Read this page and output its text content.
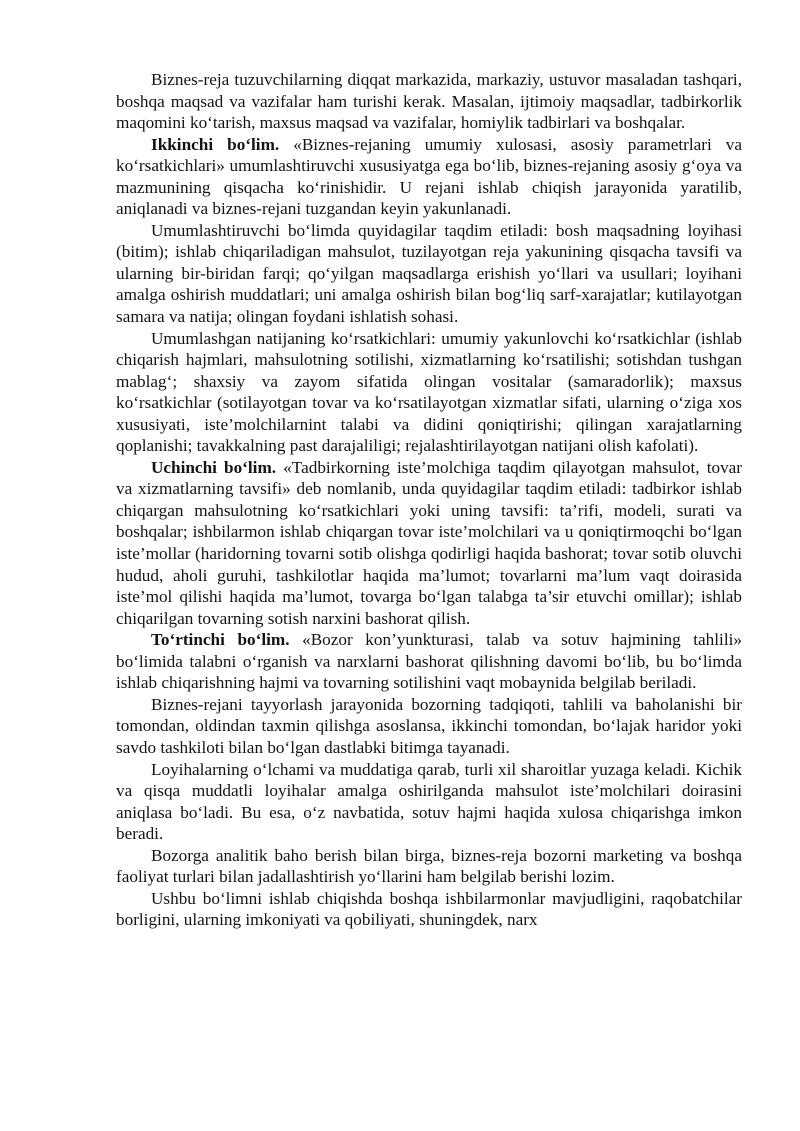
Biznes-reja tuzuvchilarning diqqat markazida, markaziy, ustuvor masaladan tashqari, boshqa maqsad va vazifalar ham turishi kerak. Masalan, ijtimoiy maqsadlar, tadbirkorlik maqomini ko‘tarish, maxsus maqsad va vazifalar, homiylik tadbirlari va boshqalar.

Ikkinchi bo‘lim. «Biznes-rejaning umumiy xulosasi, asosiy parametrlari va ko‘rsatkichlari» umumlashtiruvchi xususiyatga ega bo‘lib, biznes-rejaning asosiy g‘oya va mazmunining qisqacha ko‘rinishidir. U rejani ishlab chiqish jarayonida yaratilib, aniqlanadi va biznes-rejani tuzgandan keyin yakunlanadi.

Umumlashtiruvchi bo‘limda quyidagilar taqdim etiladi: bosh maqsadning loyihasi (bitim); ishlab chiqariladigan mahsulot, tuzilayotgan reja yakunining qisqacha tavsifi va ularning bir-biridan farqi; qo‘yilgan maqsadlarga erishish yo‘llari va usullari; loyihani amalga oshirish muddatlari; uni amalga oshirish bilan bog‘liq sarf-xarajatlar; kutilayotgan samara va natija; olingan foydani ishlatish sohasi.

Umumlashgan natijaning ko‘rsatkichlari: umumiy yakunlovchi ko‘rsatkichlar (ishlab chiqarish hajmlari, mahsulotning sotilishi, xizmatlarning ko‘rsatilishi; sotishdan tushgan mablag‘; shaxsiy va zayom sifatida olingan vositalar (samaradorlik); maxsus ko‘rsatkichlar (sotilayotgan tovar va ko‘rsatilayotgan xizmatlar sifati, ularning o‘ziga xos xususiyati, iste’molchilarnint talabi va didini qoniqtirishi; qilingan xarajatlarning qoplanishi; tavakkalning past darajaliligi; rejalashtirilayotgan natijani olish kafolati).

Uchinchi bo‘lim. «Tadbirkorning iste’molchiga taqdim qilayotgan mahsulot, tovar va xizmatlarning tavsifi» deb nomlanib, unda quyidagilar taqdim etiladi: tadbirkor ishlab chiqargan mahsulotning ko‘rsatkichlari yoki uning tavsifi: ta’rifi, modeli, surati va boshqalar; ishbilarmon ishlab chiqargan tovar iste’molchilari va u qoniqtirmoqchi bo‘lgan iste’mollar (haridorning tovarni sotib olishga qodirligi haqida bashorat; tovar sotib oluvchi hudud, aholi guruhi, tashkilotlar haqida ma’lumot; tovarlarni ma’lum vaqt doirasida iste’mol qilishi haqida ma’lumot, tovarga bo‘lgan talabga ta’sir etuvchi omillar); ishlab chiqarilgan tovarning sotish narxini bashorat qilish.

To‘rtinchi bo‘lim. «Bozor kon’yunkturasi, talab va sotuv hajmining tahlili» bo‘limida talabni o‘rganish va narxlarni bashorat qilishning davomi bo‘lib, bu bo‘limda ishlab chiqarishning hajmi va tovarning sotilishini vaqt mobaynida belgilab beriladi.

Biznes-rejani tayyorlash jarayonida bozorning tadqiqoti, tahlili va baholanishi bir tomondan, oldindan taxmin qilishga asoslansa, ikkinchi tomondan, bo‘lajak haridor yoki savdo tashkiloti bilan bo‘lgan dastlabki bitimga tayanadi.

Loyihalarning o‘lchami va muddatiga qarab, turli xil sharoitlar yuzaga keladi. Kichik va qisqa muddatli loyihalar amalga oshirilganda mahsulot iste’molchilari doirasini aniqlasa bo‘ladi. Bu esa, o‘z navbatida, sotuv hajmi haqida xulosa chiqarishga imkon beradi.

Bozorga analitik baho berish bilan birga, biznes-reja bozorni marketing va boshqa faoliyat turlari bilan jadallashtirish yo‘llarini ham belgilab berishi lozim.

Ushbu bo‘limni ishlab chiqishda boshqa ishbilarmonlar mavjudligini, raqobatchilar borligini, ularning imkoniyati va qobiliyati, shuningdek, narx
